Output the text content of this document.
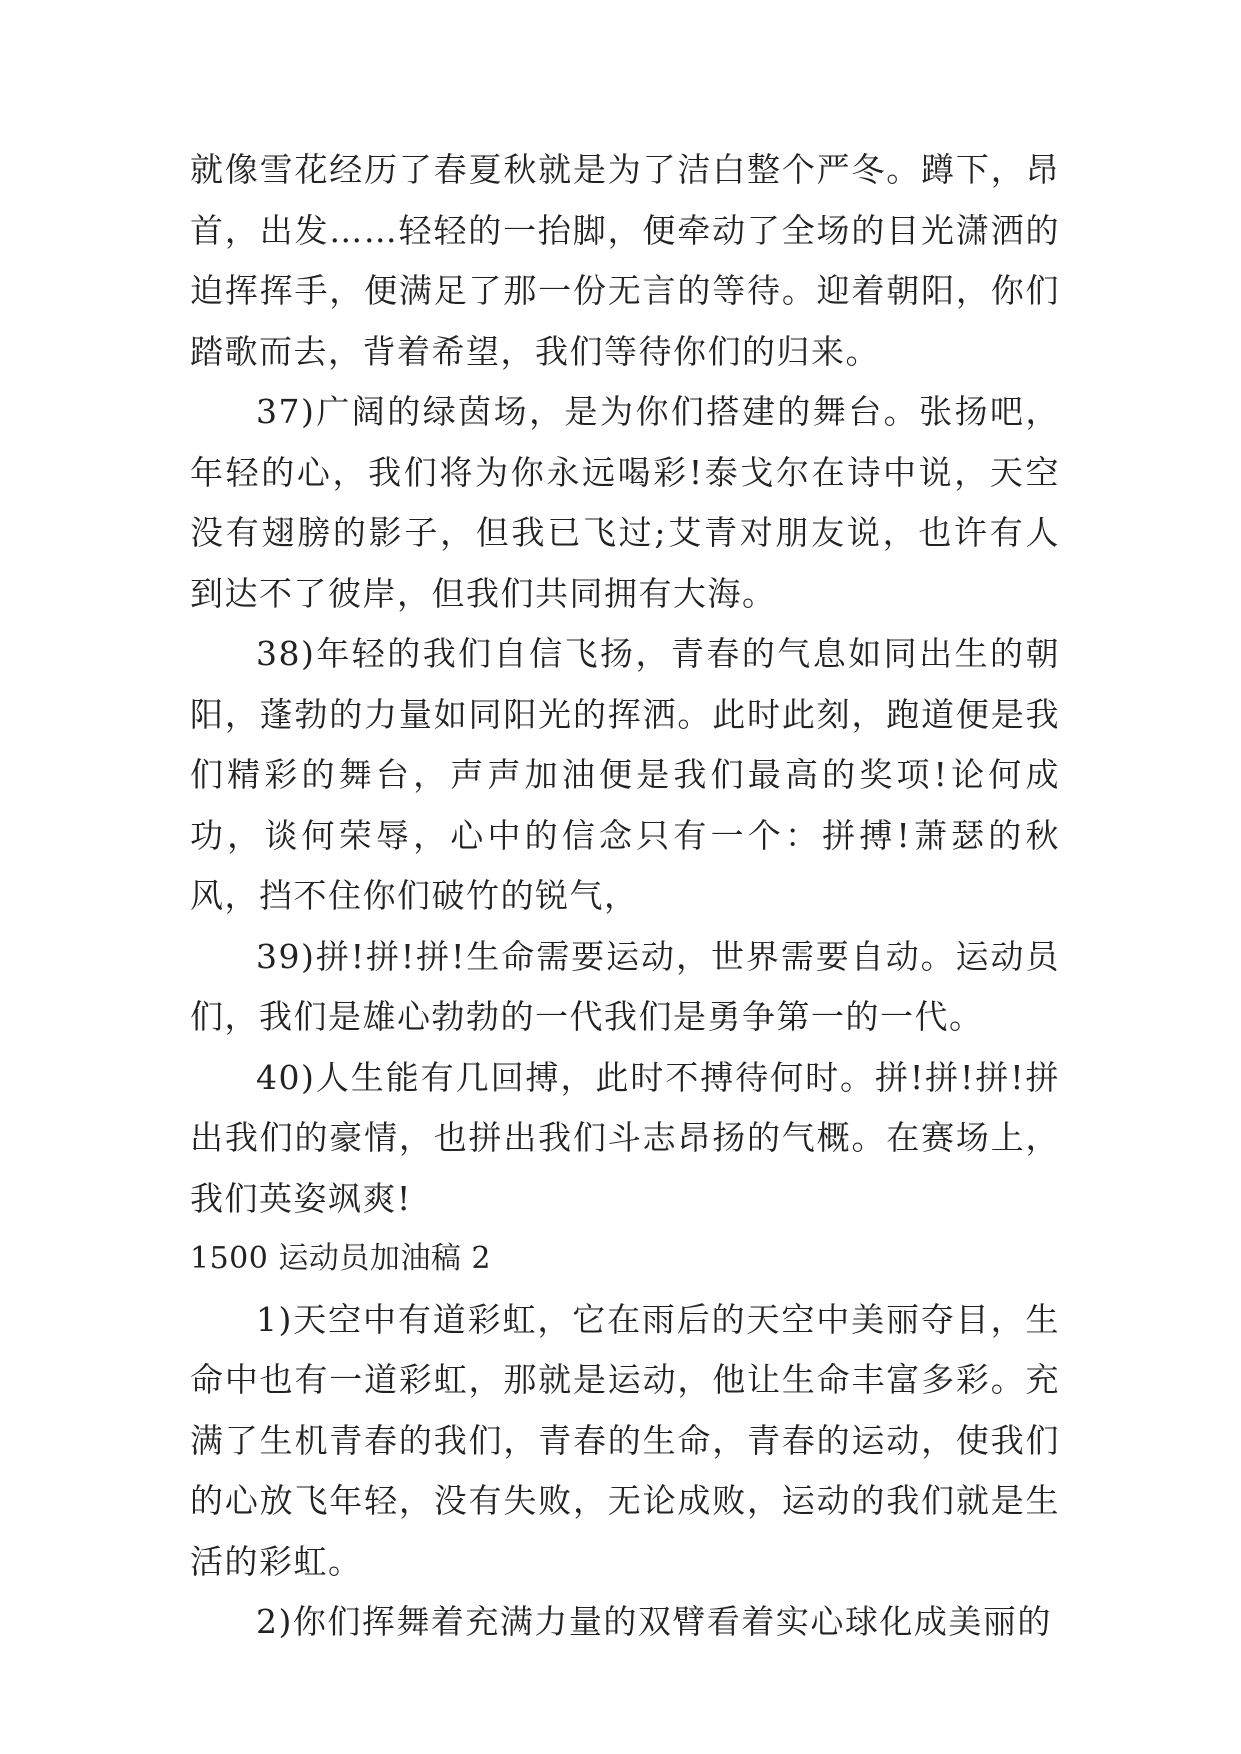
就像雪花经历了春夏秋就是为了洁白整个严冬。蹲下，昂首，出发……轻轻的一抬脚，便牵动了全场的目光潇洒的迫挥挥手，便满足了那一份无言的等待。迎着朝阳，你们踏歌而去，背着希望，我们等待你们的归来。

37)广阔的绿茵场，是为你们搭建的舞台。张扬吧，年轻的心，我们将为你永远喝彩!泰戈尔在诗中说，天空没有翅膀的影子，但我已飞过;艾青对朋友说，也许有人到达不了彼岸，但我们共同拥有大海。

38)年轻的我们自信飞扬，青春的气息如同出生的朝阳，蓬勃的力量如同阳光的挥洒。此时此刻，跑道便是我们精彩的舞台，声声加油便是我们最高的奖项!论何成功，谈何荣辱，心中的信念只有一个：拼搏!萧瑟的秋风，挡不住你们破竹的锐气，

39)拼!拼!拼!生命需要运动，世界需要自动。运动员们，我们是雄心勃勃的一代我们是勇争第一的一代。

40)人生能有几回搏，此时不搏待何时。拼!拼!拼!拼出我们的豪情，也拼出我们斗志昂扬的气概。在赛场上，我们英姿飒爽!

1500 运动员加油稿 2

1)天空中有道彩虹，它在雨后的天空中美丽夺目，生命中也有一道彩虹，那就是运动，他让生命丰富多彩。充满了生机青春的我们，青春的生命，青春的运动，使我们的心放飞年轻，没有失败，无论成败，运动的我们就是生活的彩虹。

2)你们挥舞着充满力量的双臂看着实心球化成美丽的
